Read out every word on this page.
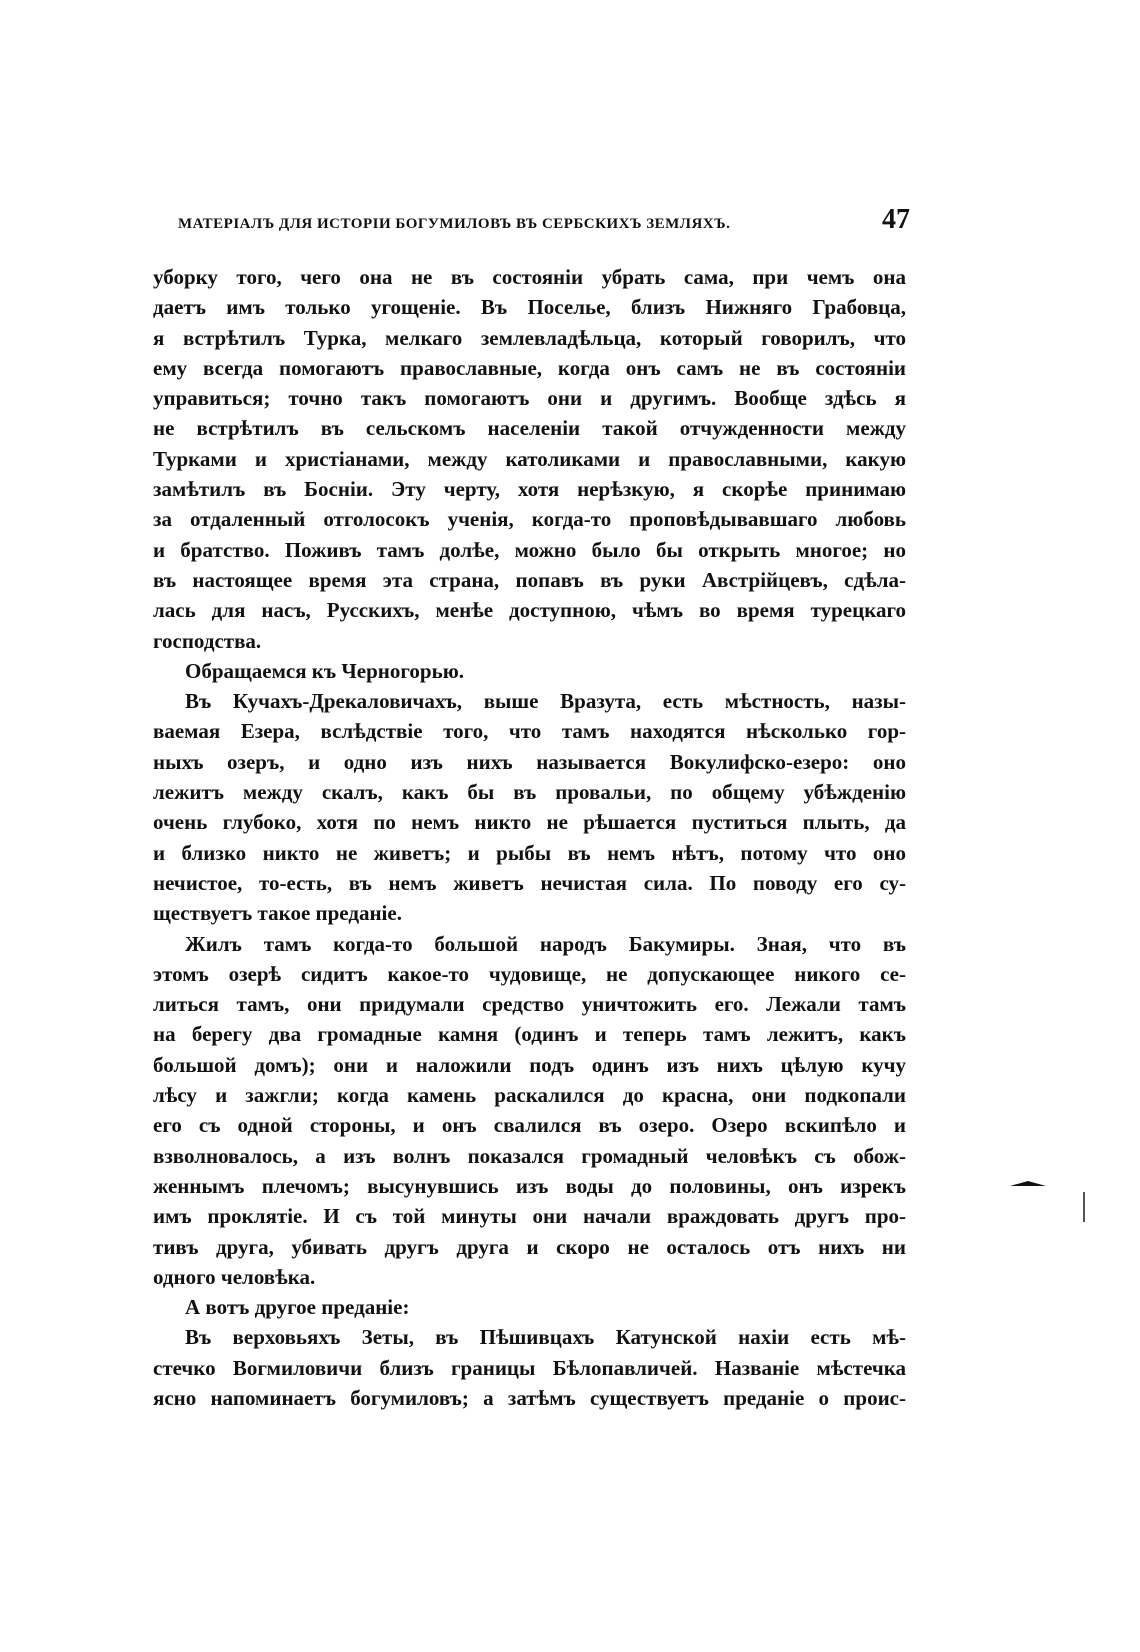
МАТЕРІАЛЪ ДЛЯ ИСТОРІИ БОГУМИЛОВЪ ВЪ СЕРБСКИХЪ ЗЕМЛЯХЪ.	47
уборку того, чего она не въ состояніи убрать сама, при чемъ она
даетъ имъ только угощеніе. Въ Поселье, близъ Нижняго Грабовца,
я встрѣтилъ Турка, мелкаго землевладѣльца, который говорилъ, что
ему всегда помогаютъ православные, когда онъ самъ не въ состояніи
управиться; точно такъ помогаютъ они и другимъ. Вообще здѣсь я
не встрѣтилъ въ сельскомъ населеніи такой отчужденности между
Турками и христіанами, между католиками и православными, какую
замѣтилъ въ Босніи. Эту черту, хотя нерѣзкую, я скорѣе принимаю
за отдаленный отголосокъ ученія, когда-то проповѣдывавшаго любовь
и братство. Поживъ тамъ долѣе, можно было бы открыть многое; но
въ настоящее время эта страна, попавъ въ руки Австрійцевъ, сдѣла-
лась для насъ, Русскихъ, менѣе доступною, чѣмъ во время турецкаго
господства.
Обращаемся къ Черногорью.
Въ Кучахъ-Дрекаловичахъ, выше Вразута, есть мѣстность, назы-
ваемая Езера, вслѣдствіе того, что тамъ находятся нѣсколько гор-
ныхъ озеръ, и одно изъ нихъ называется Вокулифско-езеро: оно
лежитъ между скалъ, какъ бы въ провальи, по общему убѣжденію
очень глубоко, хотя по немъ никто не рѣшается пуститься плыть, да
и близко никто не живетъ; и рыбы въ немъ нѣтъ, потому что оно
нечистое, то-есть, въ немъ живетъ нечистая сила. По поводу его су-
ществуетъ такое преданіе.
Жилъ тамъ когда-то большой народъ Бакумиры. Зная, что въ
этомъ озерѣ сидитъ какое-то чудовище, не допускающее никого се-
литься тамъ, они придумали средство уничтожить его. Лежали тамъ
на берегу два громадные камня (одинъ и теперь тамъ лежитъ, какъ
большой домъ); они и наложили подъ одинъ изъ нихъ цѣлую кучу
лѣсу и зажгли; когда камень раскалился до красна, они подкопали
его съ одной стороны, и онъ свалился въ озеро. Озеро вскипѣло и
взволновалось, а изъ волнъ показался громадный человѣкъ съ обож-
женнымъ плечомъ; высунувшись изъ воды до половины, онъ изрекъ
имъ проклятіе. И съ той минуты они начали враждовать другъ про-
тивъ друга, убивать другъ друга и скоро не осталось отъ нихъ ни
одного человѣка.
А вотъ другое преданіе:
Въ верховьяхъ Зеты, въ Пѣшивцахъ Катунской нахіи есть мѣ-
стечко Вогмиловичи близъ границы Бѣлопавличей. Названіе мѣстечка
ясно напоминаетъ богумиловъ; а затѣмъ существуетъ преданіе о проис-
